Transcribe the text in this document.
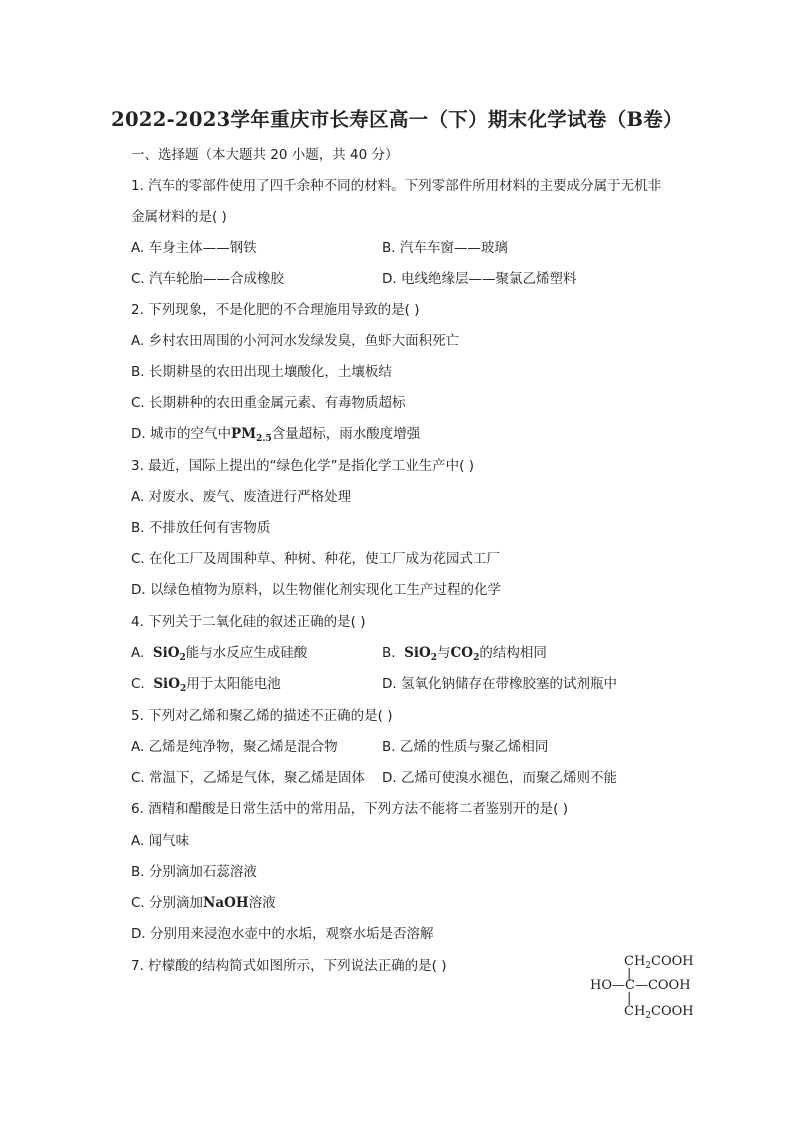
2022-2023学年重庆市长寿区高一（下）期末化学试卷（B卷）
一、选择题（本大题共 20 小题，共 40 分）
1. 汽车的零部件使用了四千余种不同的材料。下列零部件所用材料的主要成分属于无机非
金属材料的是( )
A. 车身主体——钢铁	B. 汽车车窗——玻璃
C. 汽车轮胎——合成橡胶	D. 电线绝缘层——聚氯乙烯塑料
2. 下列现象，不是化肥的不合理施用导致的是( )
A. 乡村农田周围的小河河水发绿发臭，鱼虾大面积死亡
B. 长期耕垦的农田出现土壤酸化，土壤板结
C. 长期耕种的农田重金属元素、有毒物质超标
D. 城市的空气中$PM_{2.5}$含量超标，雨水酸度增强
3. 最近，国际上提出的“绿色化学”是指化学工业生产中( )
A. 对废水、废气、废渣进行严格处理
B. 不排放任何有害物质
C. 在化工厂及周围种草、种树、种花，使工厂成为花园式工厂
D. 以绿色植物为原料，以生物催化剂实现化工生产过程的化学
4. 下列关于二氧化硅的叙述正确的是( )
A.  SiO$_2$能与水反应生成硅酸	B.  SiO$_2$与$CO_2$的结构相同
C.  SiO$_2$用于太阳能电池	D. 氢氧化钠储存在带橡胶塞的试剂瓶中
5. 下列对乙烯和聚乙烯的描述不正确的是( )
A. 乙烯是纯净物，聚乙烯是混合物	B. 乙烯的性质与聚乙烯相同
C. 常温下，乙烯是气体，聚乙烯是固体 D. 乙烯可使溴水褪色，而聚乙烯则不能
6. 酒精和醋酸是日常生活中的常用品，下列方法不能将二者鉴别开的是( )
A. 闻气味
B. 分别滴加石蕊溶液
C. 分别滴加NaOH溶液
D. 分别用来浸泡水壶中的水垢，观察水垢是否溶解
7. 柠檬酸的结构简式如图所示，下列说法正确的是( )	$CH_2COOH$
|
HO—C—COOH
|
$CH_2COOH$
